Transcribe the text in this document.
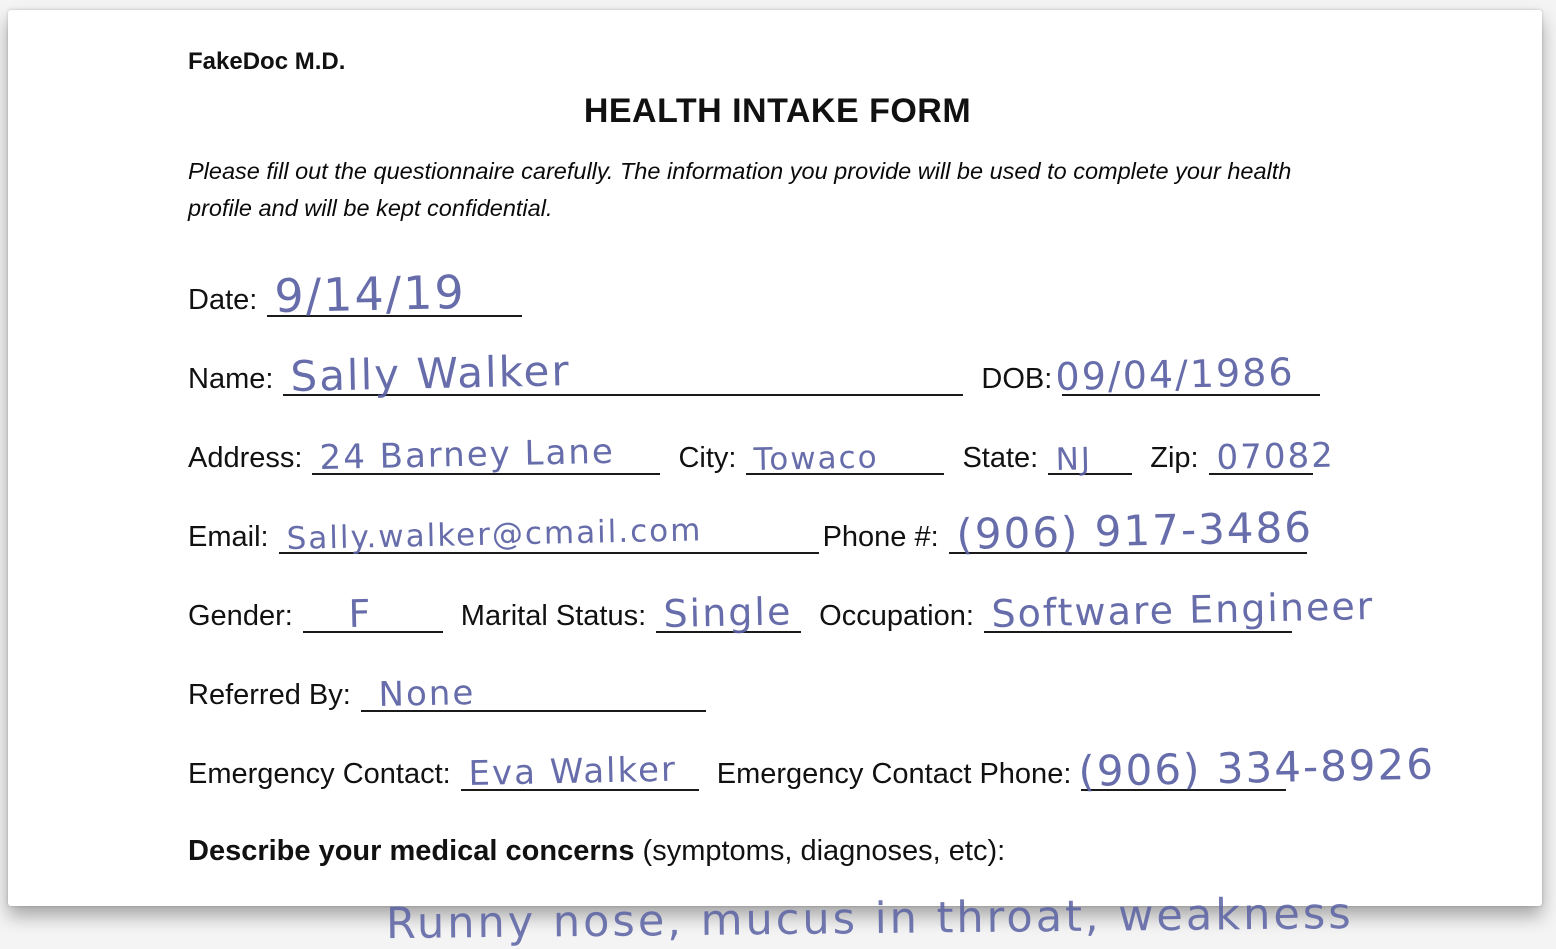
FakeDoc M.D.
HEALTH INTAKE FORM
Please fill out the questionnaire carefully. The information you provide will be used to complete your health profile and will be kept confidential.
Date: 9/14/19
Name: Sally Walker	DOB: 09/04/1986
Address: 24 Barney Lane City: Towaco	State: NJ Zip: 07082
Email: Sally.walker@cmail.com	Phone #: (906) 917-3486
Gender: F	Marital Status: Single Occupation: Software Engineer
Referred By: None
Emergency Contact: Eva Walker Emergency Contact Phone: (906) 334-8926
Describe your medical concerns (symptoms, diagnoses, etc):
Runny nose, mucus in throat, weakness
